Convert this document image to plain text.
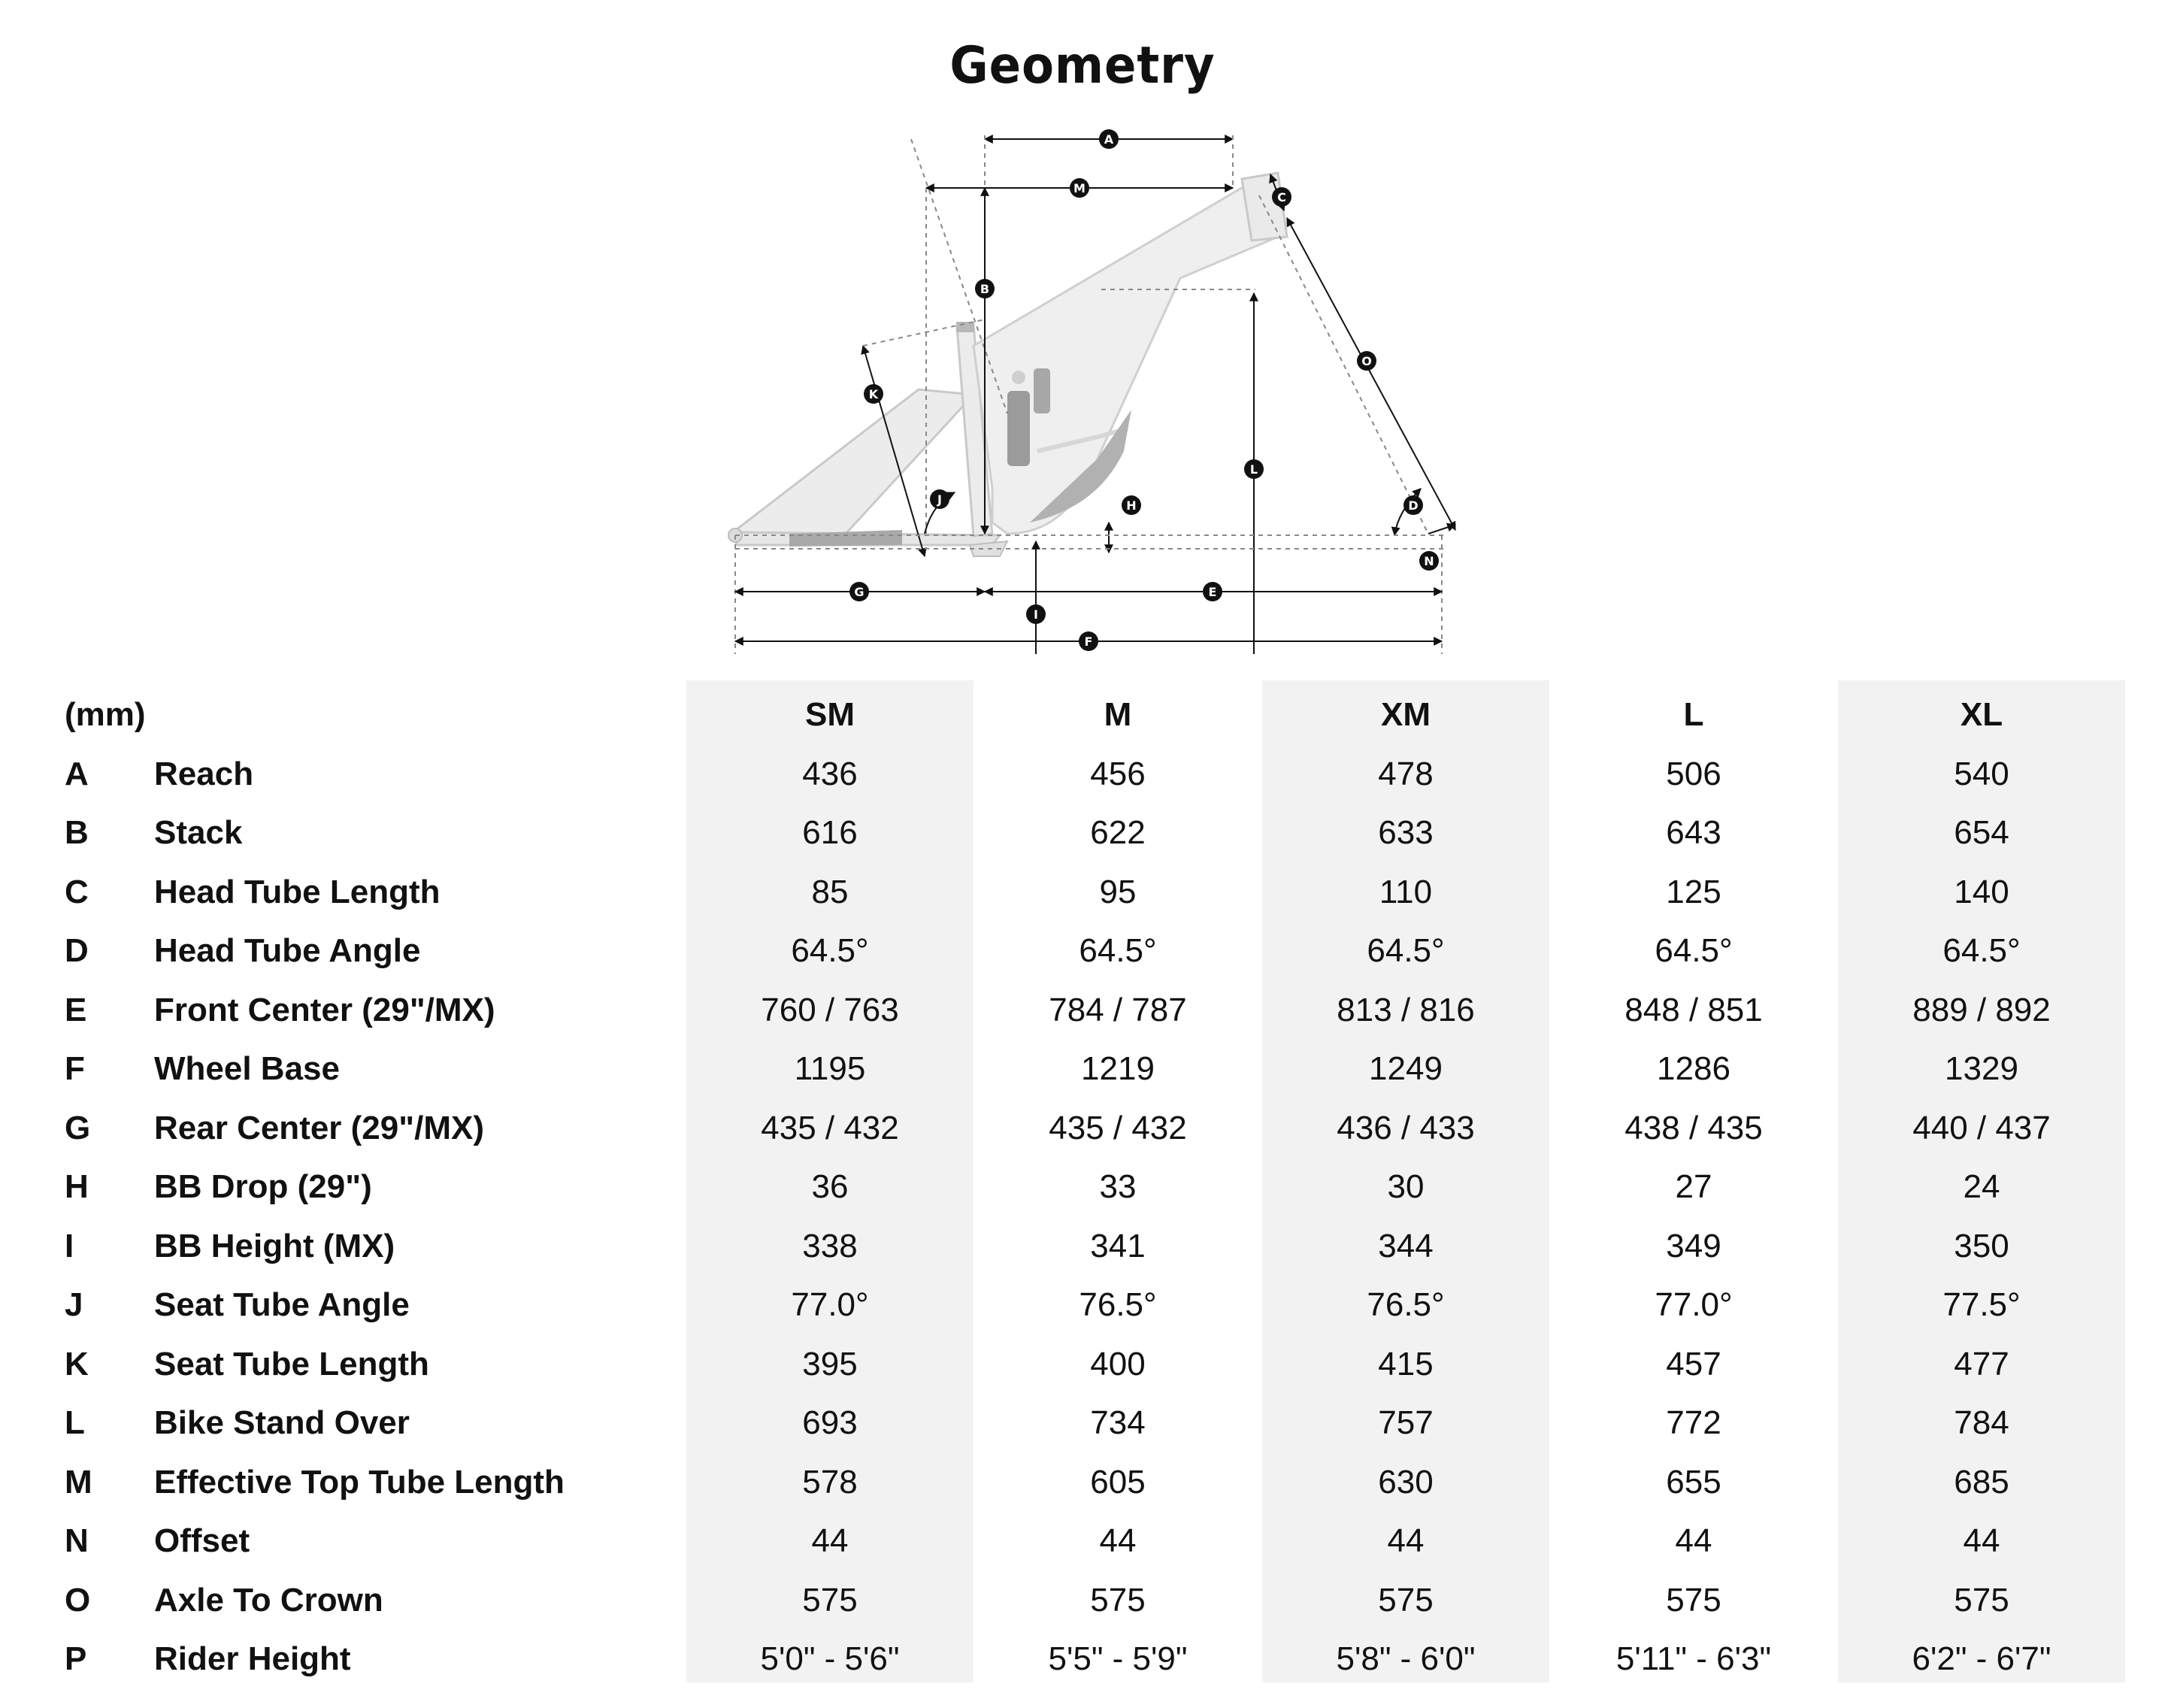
Geometry
A
B
C
D
E
F
G
H
I
J
K
L
M
N
O
(mm)	SM	M	XM	L	XL
A Reach	436	456	478	506	540
B Stack	616	622	633	643	654
C Head Tube Length	85	95	110	125	140
D Head Tube Angle	64.5°	64.5°	64.5°	64.5°	64.5°
E Front Center (29"/MX)	760 / 763	784 / 787	813 / 816	848 / 851	889 / 892
F Wheel Base	1195	1219	1249	1286	1329
G Rear Center (29"/MX)	435 / 432	435 / 432	436 / 433	438 / 435	440 / 437
H BB Drop (29")	36	33	30	27	24
I BB Height (MX)	338	341	344	349	350
J Seat Tube Angle	77.0°	76.5°	76.5°	77.0°	77.5°
K Seat Tube Length	395	400	415	457	477
L Bike Stand Over	693	734	757	772	784
M Effective Top Tube Length	578	605	630	655	685
N Offset	44	44	44	44	44
O Axle To Crown	575	575	575	575	575
P Rider Height	5'0" - 5'6"	5'5" - 5'9"	5'8" - 6'0"	5'11" - 6'3"	6'2" - 6'7"
